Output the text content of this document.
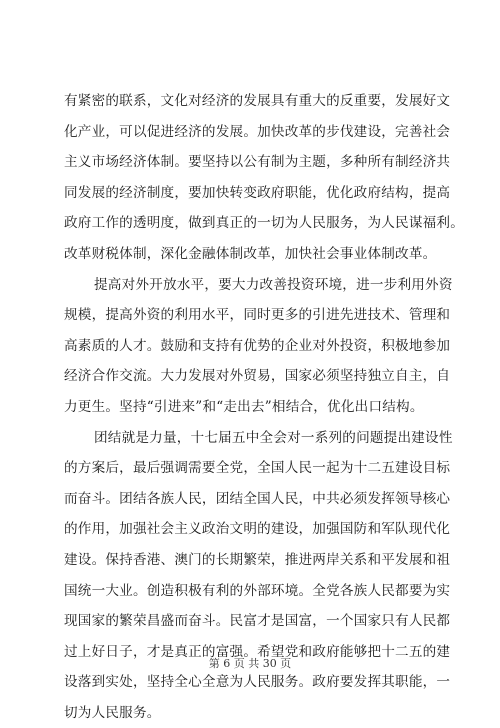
有紧密的联系，文化对经济的发展具有重大的反重要，发展好文
化产业，可以促进经济的发展。加快改革的步伐建设，完善社会
主义市场经济体制。要坚持以公有制为主题，多种所有制经济共
同发展的经济制度，要加快转变政府职能，优化政府结构，提高
政府工作的透明度，做到真正的一切为人民服务，为人民谋福利。
改革财税体制，深化金融体制改革，加快社会事业体制改革。
提高对外开放水平，要大力改善投资环境，进一步利用外资
规模，提高外资的利用水平，同时更多的引进先进技术、管理和
高素质的人才。鼓励和支持有优势的企业对外投资，积极地参加
经济合作交流。大力发展对外贸易，国家必须坚持独立自主，自
力更生。坚持“引进来”和“走出去”相结合，优化出口结构。
团结就是力量，十七届五中全会对一系列的问题提出建设性
的方案后，最后强调需要全党，全国人民一起为十二五建设目标
而奋斗。团结各族人民，团结全国人民，中共必须发挥领导核心
的作用，加强社会主义政治文明的建设，加强国防和军队现代化
建设。保持香港、澳门的长期繁荣，推进两岸关系和平发展和祖
国统一大业。创造积极有利的外部环境。全党各族人民都要为实
现国家的繁荣昌盛而奋斗。民富才是国富，一个国家只有人民都
过上好日子，才是真正的富强。希望党和政府能够把十二五的建
设落到实处，坚持全心全意为人民服务。政府要发挥其职能，一
切为人民服务。
第 6 页 共 30 页
